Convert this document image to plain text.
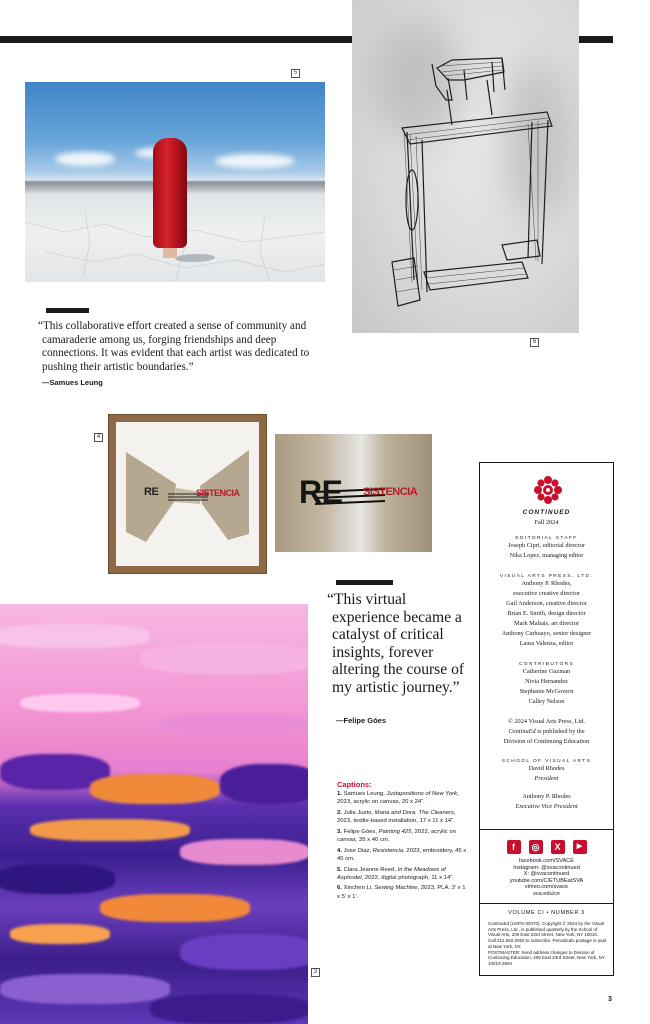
5
6
“This collaborative effort created a sense of community and camaraderie among us, forging friendships and deep connections. It was evident that each artist was dedicated to pushing their artistic boundaries.”
—Samues Leung
4
RE	SISTENCIA RE SISTENCIA
“This virtual experience became a catalyst of critical insights, forever altering the course of my artistic journey.”
—Felipe Góes
3
Captions:
1. Samues Leung, Juxtapositions of New York, 2023, acrylic on canvas, 20 x 24”.
2. Julia Justo, Maria and Dora. The Cleaners, 2023, textile-based installation, 17 x 11 x 14”.
3. Felipe Góes, Painting 425, 2022, acrylic on canvas, 35 x 40 cm.
4. Jose Diaz, Resistencia, 2023, embroidery, 45 x 45 cm.
5. Clara Jeanne Reed, In the Meadows of Asphodel, 2022, digital photograph, 11 x 14”.
6. Xinchen Li, Sewing Machine, 2023, PLA, 3’ x 1 x 5’ x 1’.
CONTINUED
Fall 2024
EDITORIAL STAFF
Joseph Cipri, editorial director
Nika Lopez, managing editor
VISUAL ARTS PRESS, LTD.
Anthony P. Rhodes,
executive creative director
Gail Anderson, creative director
Brian E. Smith, design director
Mark Maltais, art director
Anthony Carhuayo, senior designer
Laura Valenza, editor
CONTRIBUTORS
Catherine Guzman
Nivia Hernandez
Stephanie McGovern
Calley Nelson
© 2024 Visual Arts Press, Ltd.
ContinuEd is published by the
Division of Continuing Education
SCHOOL OF VISUAL ARTS
David Rhodes
President
Anthony P. Rhodes
Executive Vice President
f ◎ X ▶
facebook.com/SVACE
Instagram: @svacontinued
X: @svacontinued
youtube.com/C/ETUBEatSVA
vimeo.com/svace
sva.edu/ce
VOLUME CI • NUMBER 3
ContinuEd (USPS-00470). Copyright © 2024 by the Visual Arts Press, Ltd., is published quarterly by the School of Visual Arts, 209 East 23rd Street, New York, NY 10010. Call 212.592.2050 to subscribe. Periodicals postage is paid at New York, NY.
POSTMASTER: Send address changes to Division of Continuing Education, 209 East 23rd Street, New York, NY 10010-3994
3
